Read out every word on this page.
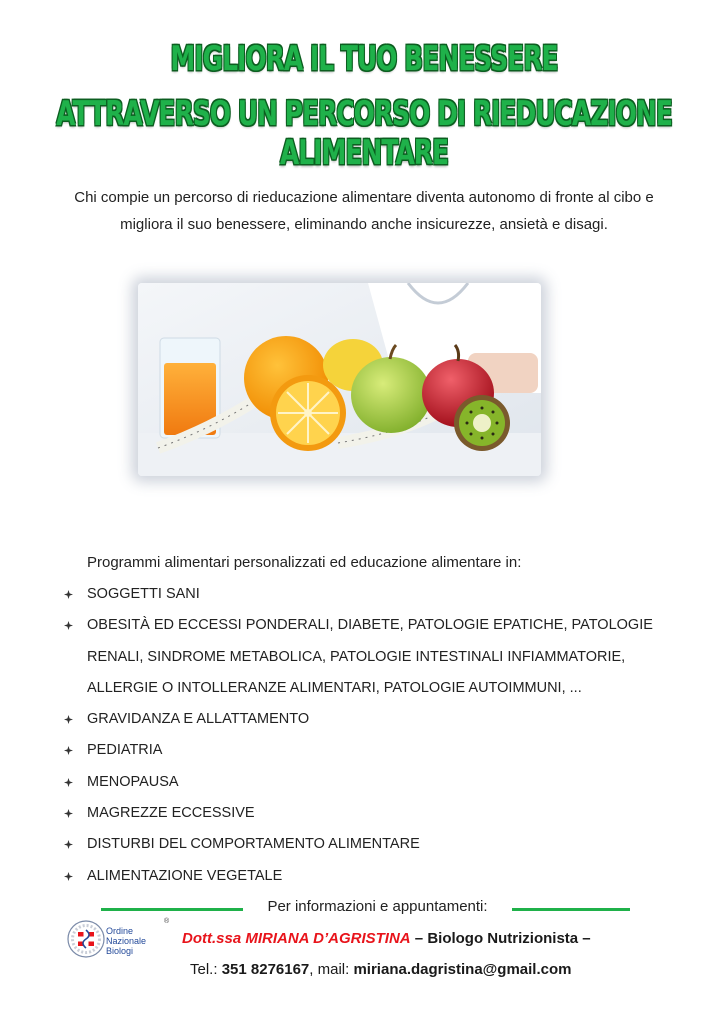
MIGLIORA IL TUO BENESSERE
ATTRAVERSO UN PERCORSO DI RIEDUCAZIONE ALIMENTARE
Chi compie un percorso di rieducazione alimentare diventa autonomo di fronte al cibo e
migliora il suo benessere, eliminando anche insicurezze, ansietà e disagi.
Programmi alimentari personalizzati ed educazione alimentare in:
SOGGETTI SANI
OBESITÀ ED ECCESSI PONDERALI, DIABETE, PATOLOGIE EPATICHE, PATOLOGIE
RENALI, SINDROME METABOLICA, PATOLOGIE INTESTINALI INFIAMMATORIE,
ALLERGIE O INTOLLERANZE ALIMENTARI, PATOLOGIE AUTOIMMUNI, ...
GRAVIDANZA E ALLATTAMENTO
PEDIATRIA
MENOPAUSA
MAGREZZE ECCESSIVE
DISTURBI DEL COMPORTAMENTO ALIMENTARE
ALIMENTAZIONE VEGETALE
Per informazioni e appuntamenti:
Ordine
Nazionale
Biologi
®
Dott.ssa MIRIANA D’AGRISTINA – Biologo Nutrizionista –
Tel.: 351 8276167, mail: miriana.dagristina@gmail.com
